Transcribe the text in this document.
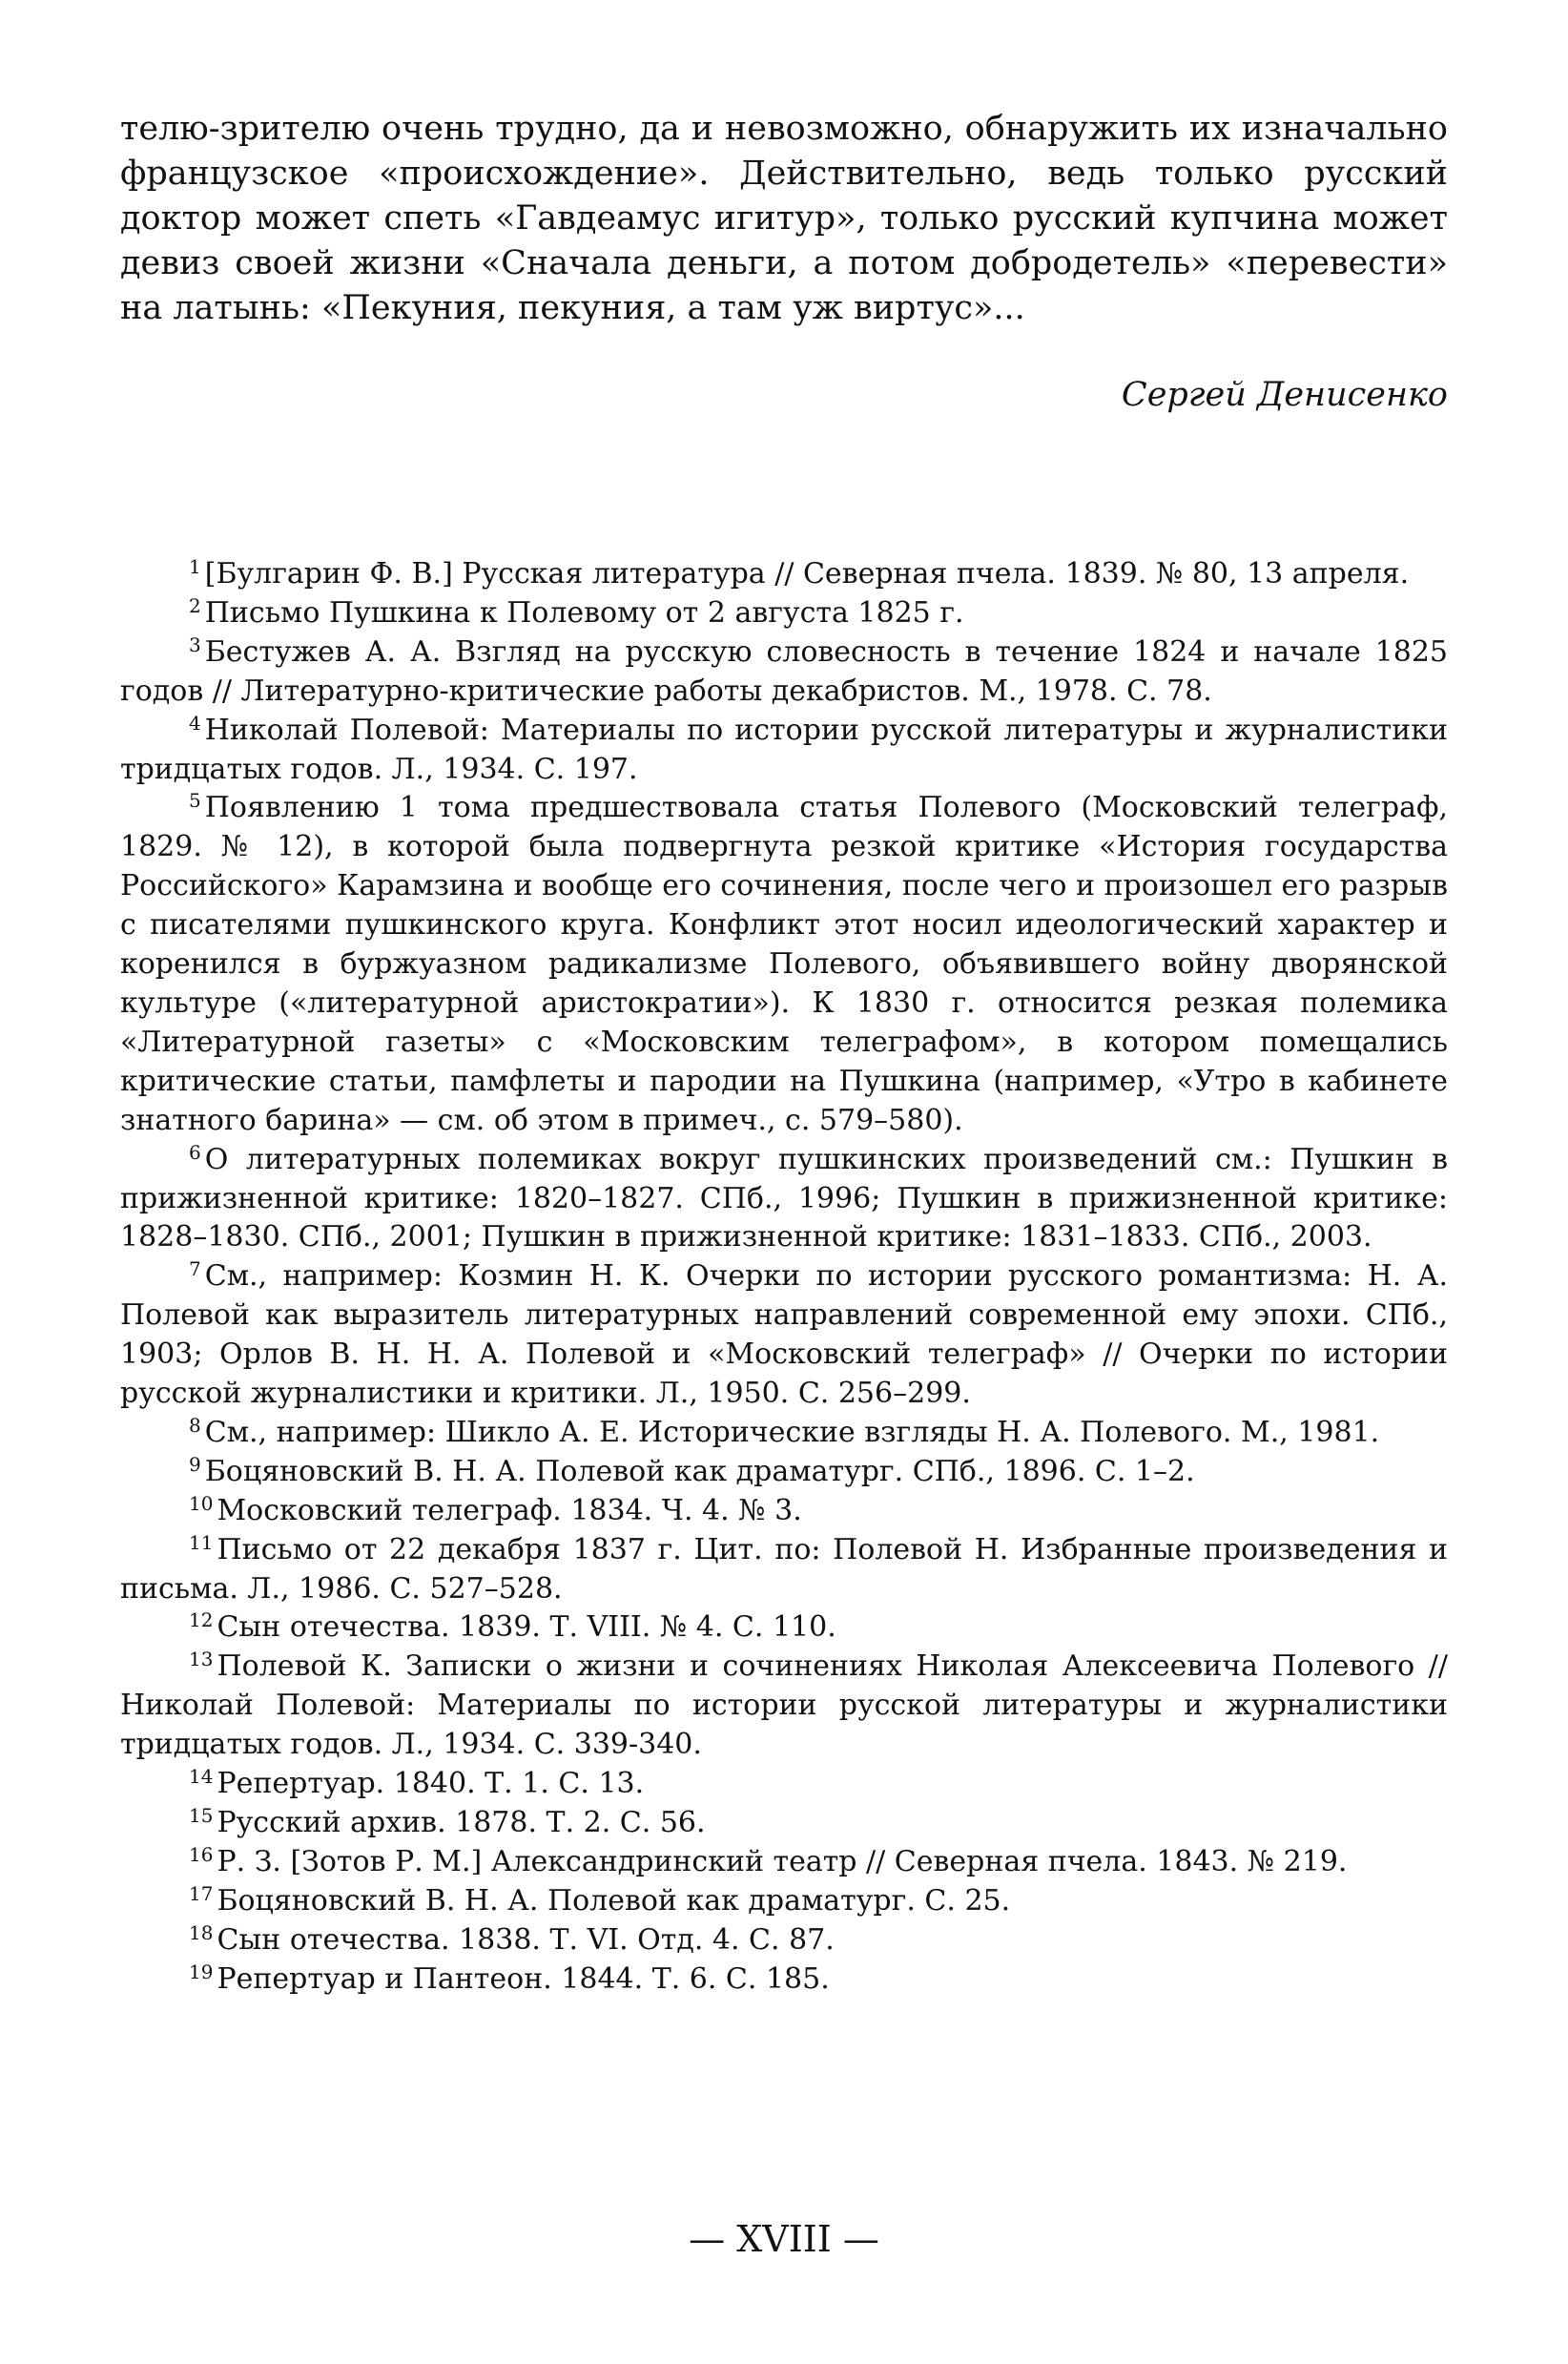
телю-зрителю очень трудно, да и невозможно, обнаружить их изначально французское «происхождение». Действительно, ведь только русский доктор может спеть «Гавдеамус игитур», только русский купчина может девиз своей жизни «Сначала деньги, а потом добродетель» «перевести» на латынь: «Пекуния, пекуния, а там уж виртус»...

Сергей Денисенко

$^1$ [Булгарин Ф. В.] Русская литература // Северная пчела. 1839. № 80, 13 апреля.
$^2$ Письмо Пушкина к Полевому от 2 августа 1825 г.
$^3$ Бестужев А. А. Взгляд на русскую словесность в течение 1824 и начале 1825 годов // Литературно-критические работы декабристов. М., 1978. С. 78.
$^4$ Николай Полевой: Материалы по истории русской литературы и журналистики тридцатых годов. Л., 1934. С. 197.
$^5$ Появлению 1 тома предшествовала статья Полевого (Московский телеграф, 1829. № 12), в которой была подвергнута резкой критике «История государства Российского» Карамзина и вообще его сочинения, после чего и произошел его разрыв с писателями пушкинского круга. Конфликт этот носил идеологический характер и коренился в буржуазном радикализме Полевого, объявившего войну дворянской культуре («литературной аристократии»). К 1830 г. относится резкая полемика «Литературной газеты» с «Московским телеграфом», в котором помещались критические статьи, памфлеты и пародии на Пушкина (например, «Утро в кабинете знатного барина» — см. об этом в примеч., с. 579–580).
$^6$ О литературных полемиках вокруг пушкинских произведений см.: Пушкин в прижизненной критике: 1820–1827. СПб., 1996; Пушкин в прижизненной критике: 1828–1830. СПб., 2001; Пушкин в прижизненной критике: 1831–1833. СПб., 2003.
$^7$ См., например: Козмин Н. К. Очерки по истории русского романтизма: Н. А. Полевой как выразитель литературных направлений современной ему эпохи. СПб., 1903; Орлов В. Н. Н. А. Полевой и «Московский телеграф» // Очерки по истории русской журналистики и критики. Л., 1950. С. 256–299.
$^8$ См., например: Шикло А. Е. Исторические взгляды Н. А. Полевого. М., 1981.
$^9$ Боцяновский В. Н. А. Полевой как драматург. СПб., 1896. С. 1–2.
$^{10}$ Московский телеграф. 1834. Ч. 4. № 3.
$^{11}$ Письмо от 22 декабря 1837 г. Цит. по: Полевой Н. Избранные произведения и письма. Л., 1986. С. 527–528.
$^{12}$ Сын отечества. 1839. Т. VIII. № 4. С. 110.
$^{13}$ Полевой К. Записки о жизни и сочинениях Николая Алексеевича Полевого // Николай Полевой: Материалы по истории русской литературы и журналистики тридцатых годов. Л., 1934. С. 339-340.
$^{14}$ Репертуар. 1840. Т. 1. С. 13.
$^{15}$ Русский архив. 1878. Т. 2. С. 56.
$^{16}$ Р. З. [Зотов Р. М.] Александринский театр // Северная пчела. 1843. № 219.
$^{17}$ Боцяновский В. Н. А. Полевой как драматург. С. 25.
$^{18}$ Сын отечества. 1838. Т. VI. Отд. 4. С. 87.
$^{19}$ Репертуар и Пантеон. 1844. Т. 6. С. 185.

— XVIII —
